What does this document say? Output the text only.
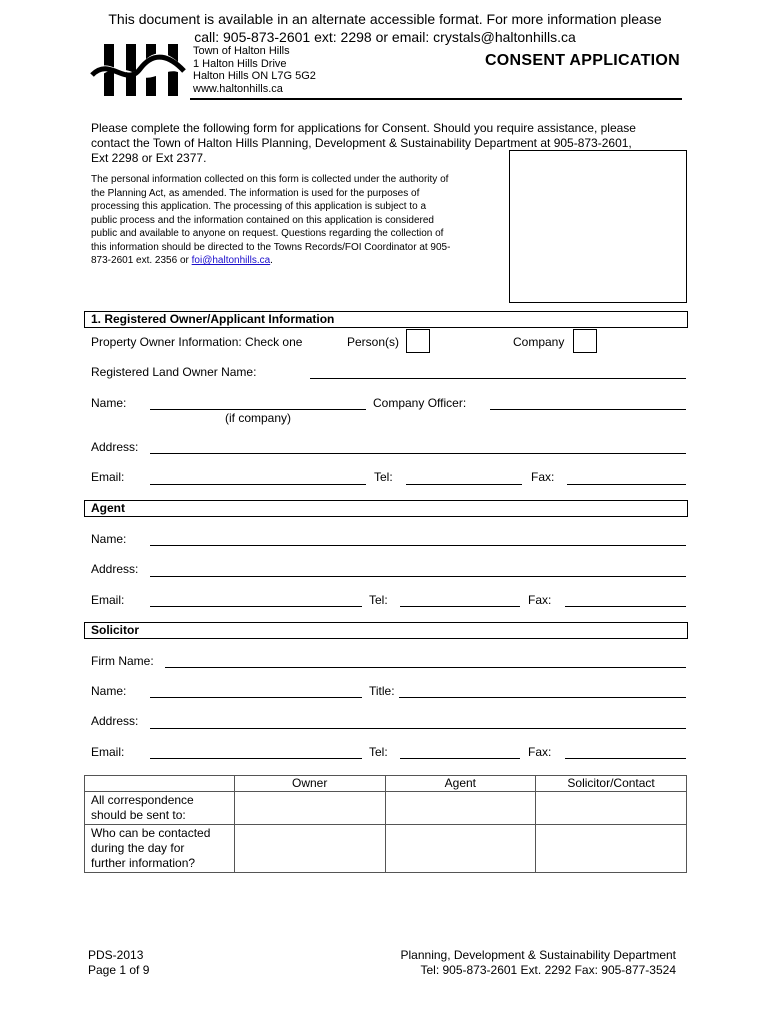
This document is available in an alternate accessible format. For more information please
call: 905-873-2601 ext: 2298 or email: crystals@haltonhills.ca
Town of Halton Hills
1 Halton Hills Drive
Halton Hills ON L7G 5G2
www.haltonhills.ca
CONSENT APPLICATION
Please complete the following form for applications for Consent. Should you require assistance, please
contact the Town of Halton Hills Planning, Development & Sustainability Department at 905-873-2601,
Ext 2298 or Ext 2377.
The personal information collected on this form is collected under the authority of
the Planning Act, as amended. The information is used for the purposes of
processing this application. The processing of this application is subject to a
public process and the information contained on this application is considered
public and available to anyone on request. Questions regarding the collection of
this information should be directed to the Towns Records/FOI Coordinator at 905-
873-2601 ext. 2356 or foi@haltonhills.ca.
1. Registered Owner/Applicant Information
Property Owner Information: Check one	Person(s)	Company
Registered Land Owner Name:
Name:
(if company)
Company Officer:
Address:
Email:	Tel:	Fax:
Agent
Name:
Address:
Email:	Tel:	Fax:
Solicitor
Firm Name:
Name:	Title:
Address:
Email:	Tel:	Fax:
	Owner	Agent	Solicitor/Contact

All correspondence
should be sent to:			

Who can be contacted
during the day for
further information?			

PDS-2013
Page 1 of 9
Planning, Development & Sustainability Department
Tel: 905-873-2601 Ext. 2292 Fax: 905-877-3524
